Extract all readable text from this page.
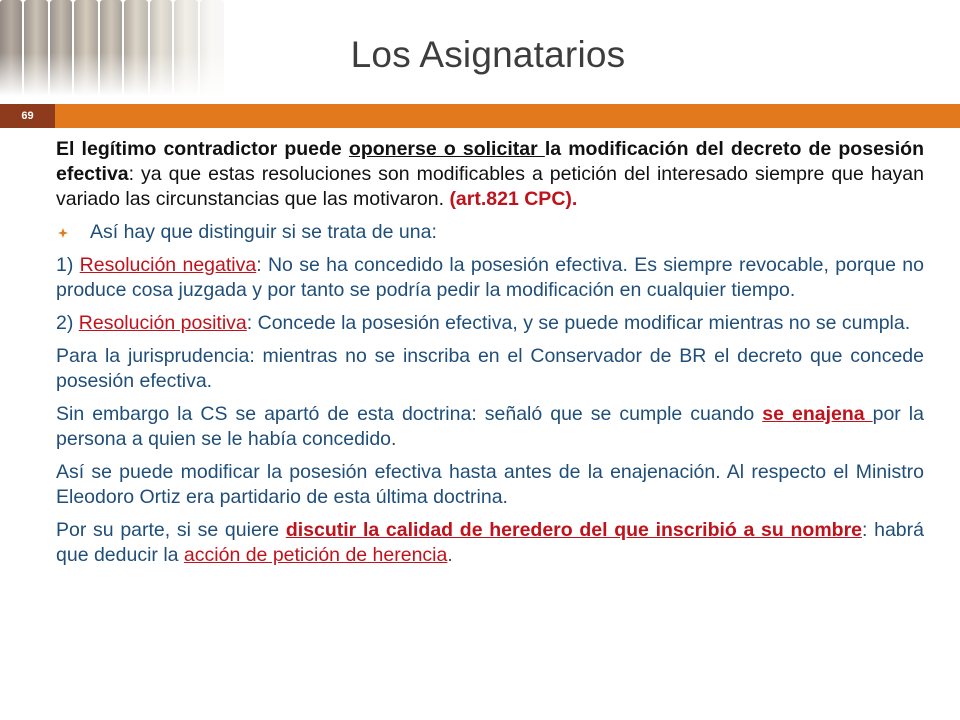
Los Asignatarios
69

El legítimo contradictor puede oponerse o solicitar la modificación del decreto de posesión efectiva: ya que estas resoluciones son modificables a petición del interesado siempre que hayan variado las circunstancias que las motivaron. (art.821 CPC).

Así hay que distinguir si se trata de una:

1) Resolución negativa: No se ha concedido la posesión efectiva. Es siempre revocable, porque no produce cosa juzgada y por tanto se podría pedir la modificación en cualquier tiempo.

2) Resolución positiva: Concede la posesión efectiva, y se puede modificar mientras no se cumpla.

Para la jurisprudencia: mientras no se inscriba en el Conservador de BR el decreto que concede posesión efectiva.

Sin embargo la CS se apartó de esta doctrina: señaló que se cumple cuando se enajena por la persona a quien se le había concedido.

Así se puede modificar la posesión efectiva hasta antes de la enajenación. Al respecto el Ministro Eleodoro Ortiz era partidario de esta última doctrina.

Por su parte, si se quiere discutir la calidad de heredero del que inscribió a su nombre: habrá que deducir la acción de petición de herencia.
